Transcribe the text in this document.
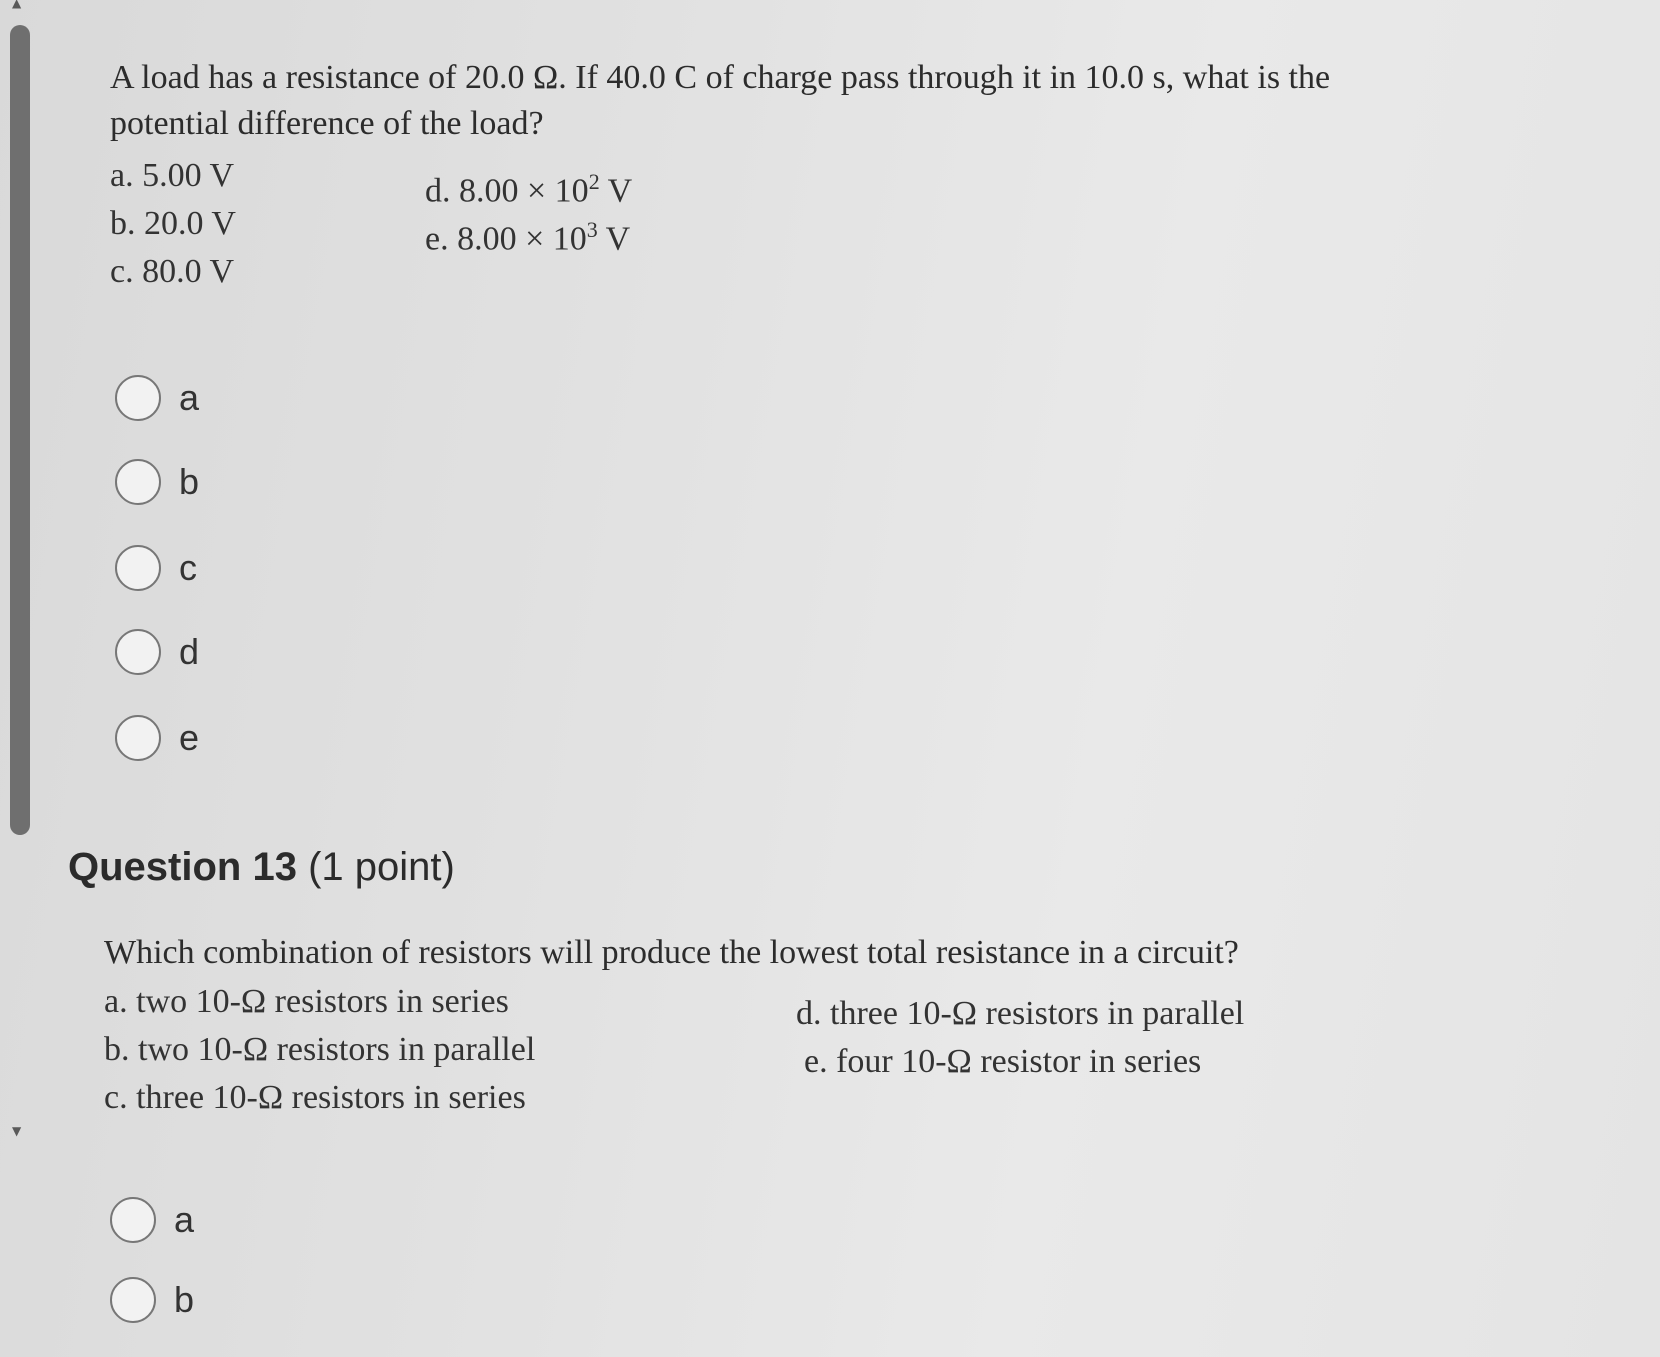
▲
▼
A load has a resistance of 20.0 Ω. If 40.0 C of charge pass through it in 10.0 s, what is the
potential difference of the load?
a. 5.00 V
b. 20.0 V
c. 80.0 V
d. $8.00 \times 10^2$ V
e. $8.00 \times 10^3$ V
a
b
c
d
e
Question 13 (1 point)
Which combination of resistors will produce the lowest total resistance in a circuit?
a. two 10-Ω resistors in series
b. two 10-Ω resistors in parallel
c. three 10-Ω resistors in series
d. three 10-Ω resistors in parallel
e. four 10-Ω resistor in series
a
b
